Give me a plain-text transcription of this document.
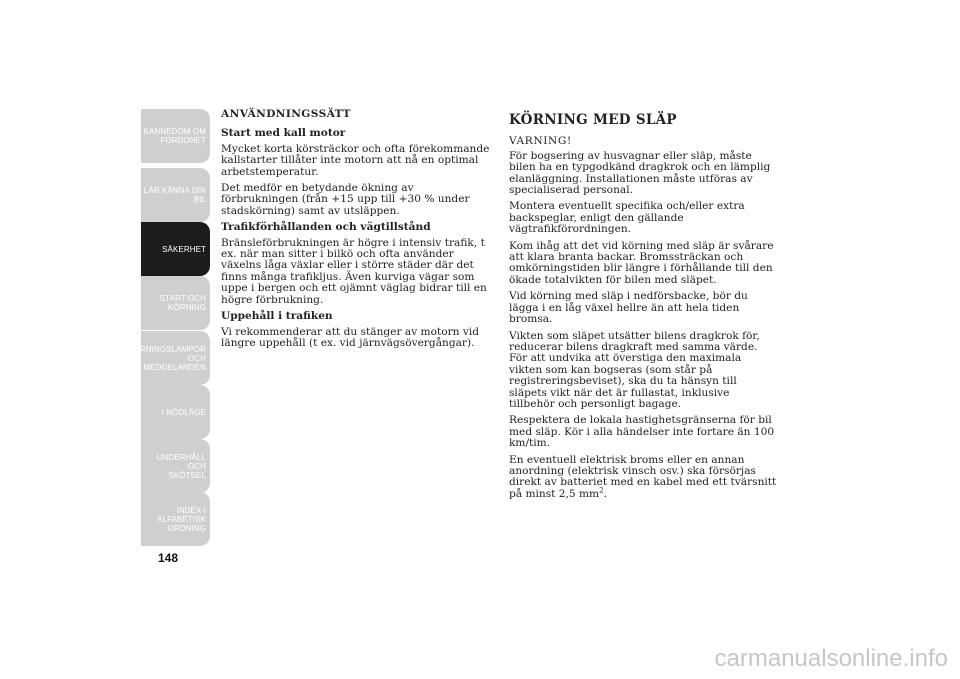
KÄNNEDOM OM
FORDONET
LÄR KÄNNA DIN
BIL
SÄKERHET
START OCH
KÖRNING
VARNINGSLAMPOR
OCH
MEDDELANDEN
I NÖDLÄGE
UNDERHÅLL OCH
SKÖTSEL
INDEX I
ALFABETISK
ORDNING
148

ANVÄNDNINGSSÄTT

Start med kall motor

Mycket korta körsträckor och ofta förekommande kallstarter tillåter inte motorn att nå en optimal arbetstemperatur.

Det medför en betydande ökning av förbrukningen (från +15 upp till +30 % under stadskörning) samt av utsläppen.

Trafikförhållanden och vägtillstånd

Bränsleförbrukningen är högre i intensiv trafik, t ex. när man sitter i bilkö och ofta använder växelns låga växlar eller i större städer där det finns många trafikljus. Även kurviga vägar som uppe i bergen och ett ojämnt väglag bidrar till en högre förbrukning.

Uppehåll i trafiken

Vi rekommenderar att du stänger av motorn vid längre uppehåll (t ex. vid järnvägsövergångar).

KÖRNING MED SLÄP

VARNING!

För bogsering av husvagnar eller släp, måste bilen ha en typgodkänd dragkrok och en lämplig elanläggning. Installationen måste utföras av specialiserad personal.

Montera eventuellt specifika och/eller extra backspeglar, enligt den gällande vägtrafikförordningen.

Kom ihåg att det vid körning med släp är svårare att klara branta backar. Bromssträckan och omkörningstiden blir längre i förhållande till den ökade totalvikten för bilen med släpet.

Vid körning med släp i nedförsbacke, bör du lägga i en låg växel hellre än att hela tiden bromsa.

Vikten som släpet utsätter bilens dragkrok för, reducerar bilens dragkraft med samma värde. För att undvika att överstiga den maximala vikten som kan bogseras (som står på registreringsbeviset), ska du ta hänsyn till släpets vikt när det är fullastat, inklusive tillbehör och personligt bagage.

Respektera de lokala hastighetsgränserna för bil med släp. Kör i alla händelser inte fortare än 100 km/tim.

En eventuell elektrisk broms eller en annan anordning (elektrisk vinsch osv.) ska försörjas direkt av batteriet med en kabel med ett tvärsnitt på minst 2,5 $mm^2$.

carmanualsonline.info
